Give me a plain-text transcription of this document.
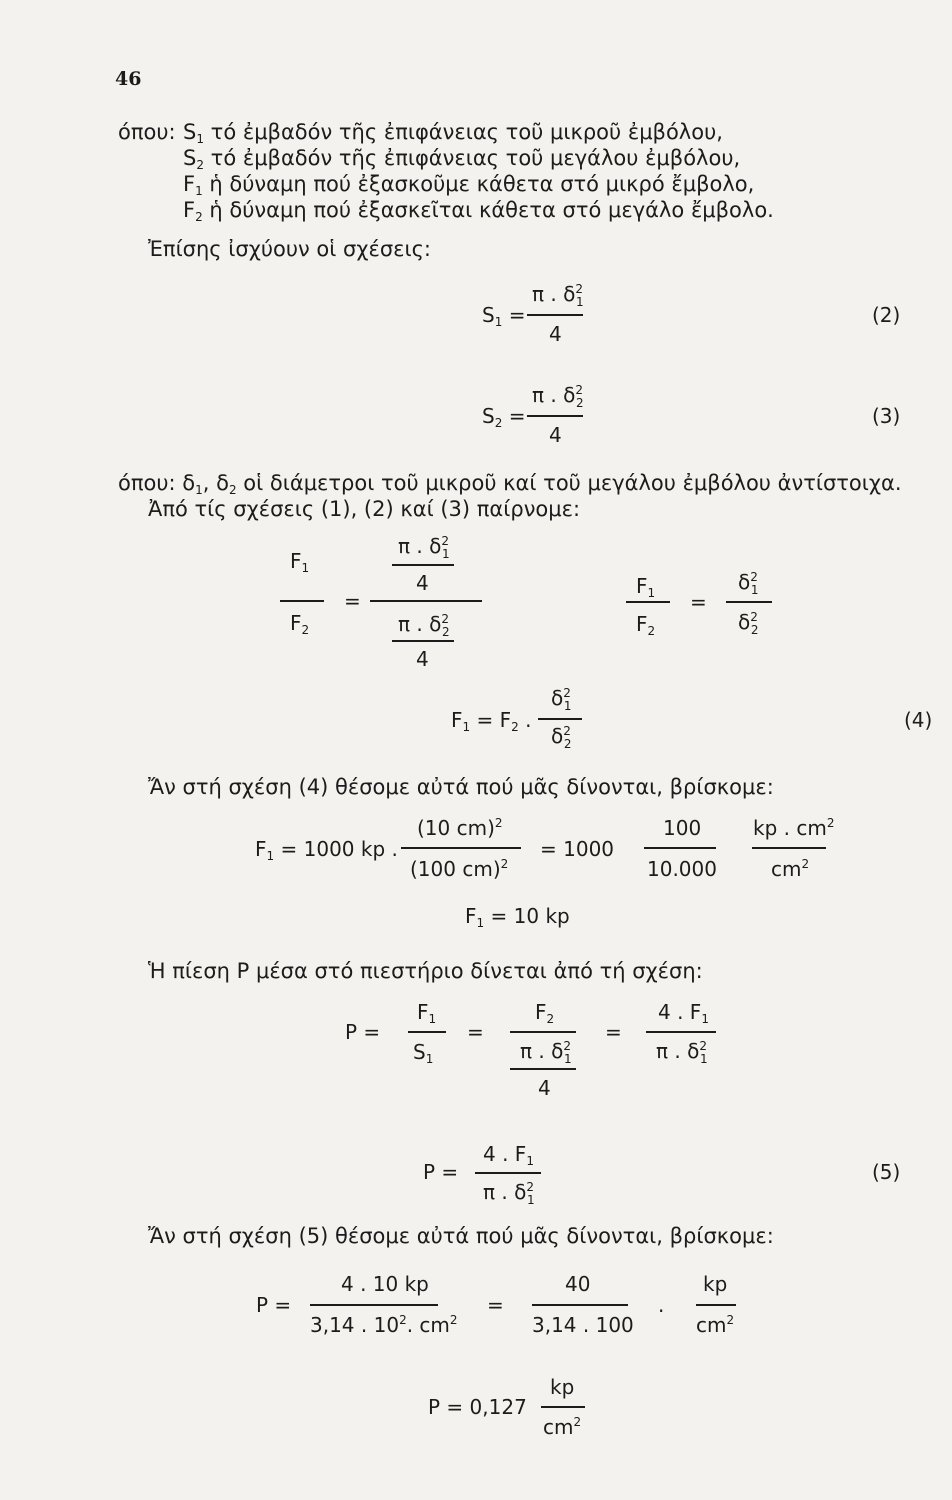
46
όπου: $S_1$ τό ἐμβαδόν τῆς ἐπιφάνειας τοῦ μικροῦ ἐμβόλου,
$S_2$ τό ἐμβαδόν τῆς ἐπιφάνειας τοῦ μεγάλου ἐμβόλου,
$F_1$ ἡ δύναμη πού ἐξασκοῦμε κάθετα στό μικρό ἔμβολο,
$F_2$ ἡ δύναμη πού ἐξασκεῖται κάθετα στό μεγάλο ἔμβολο.
Ἐπίσης ἰσχύουν οἱ σχέσεις:
$S_1$ =
π . $\delta^2_1$
4
(2)
$S_2$ =
π . $\delta^2_2$
4
(3)
όπου: $\delta_1$, $\delta_2$ οἱ διάμετροι τοῦ μικροῦ καί τοῦ μεγάλου ἐμβόλου ἀντίστοιχα.
Ἀπό τίς σχέσεις (1), (2) καί (3) παίρνομε:
$F_1$
$F_2$
=
π . $\delta^2_1$
4
π . $\delta^2_2$
4
$F_1$
$F_2$
=
$\delta^2_1$
$\delta^2_2$
$F_1 = F_2$ .
$\delta^2_1$
$\delta^2_2$
(4)
Ἄν στή σχέση (4) θέσομε αὐτά πού μᾶς δίνονται, βρίσκομε:
$F_1 = 1000$ kp .
(10 cm)$^2$
(100 cm)$^2$
= 1000
100
10.000
kp . $cm^2$
$cm^2$
$F_1 = 10$ kp
Ἡ πίεση P μέσα στό πιεστήριο δίνεται ἀπό τή σχέση:
P =
$F_1$
$S_1$
=
$F_2$
π . $\delta^2_1$
4
=
4 . $F_1$
π . $\delta^2_1$
P =
4 . $F_1$
π . $\delta^2_1$
(5)
Ἄν στή σχέση (5) θέσομε αὐτά πού μᾶς δίνονται, βρίσκομε:
P =
4 . 10 kp
3,14 . $10^2$. $cm^2$
=
40
3,14 . 100
.
kp
$cm^2$
P = 0,127
kp
$cm^2$
